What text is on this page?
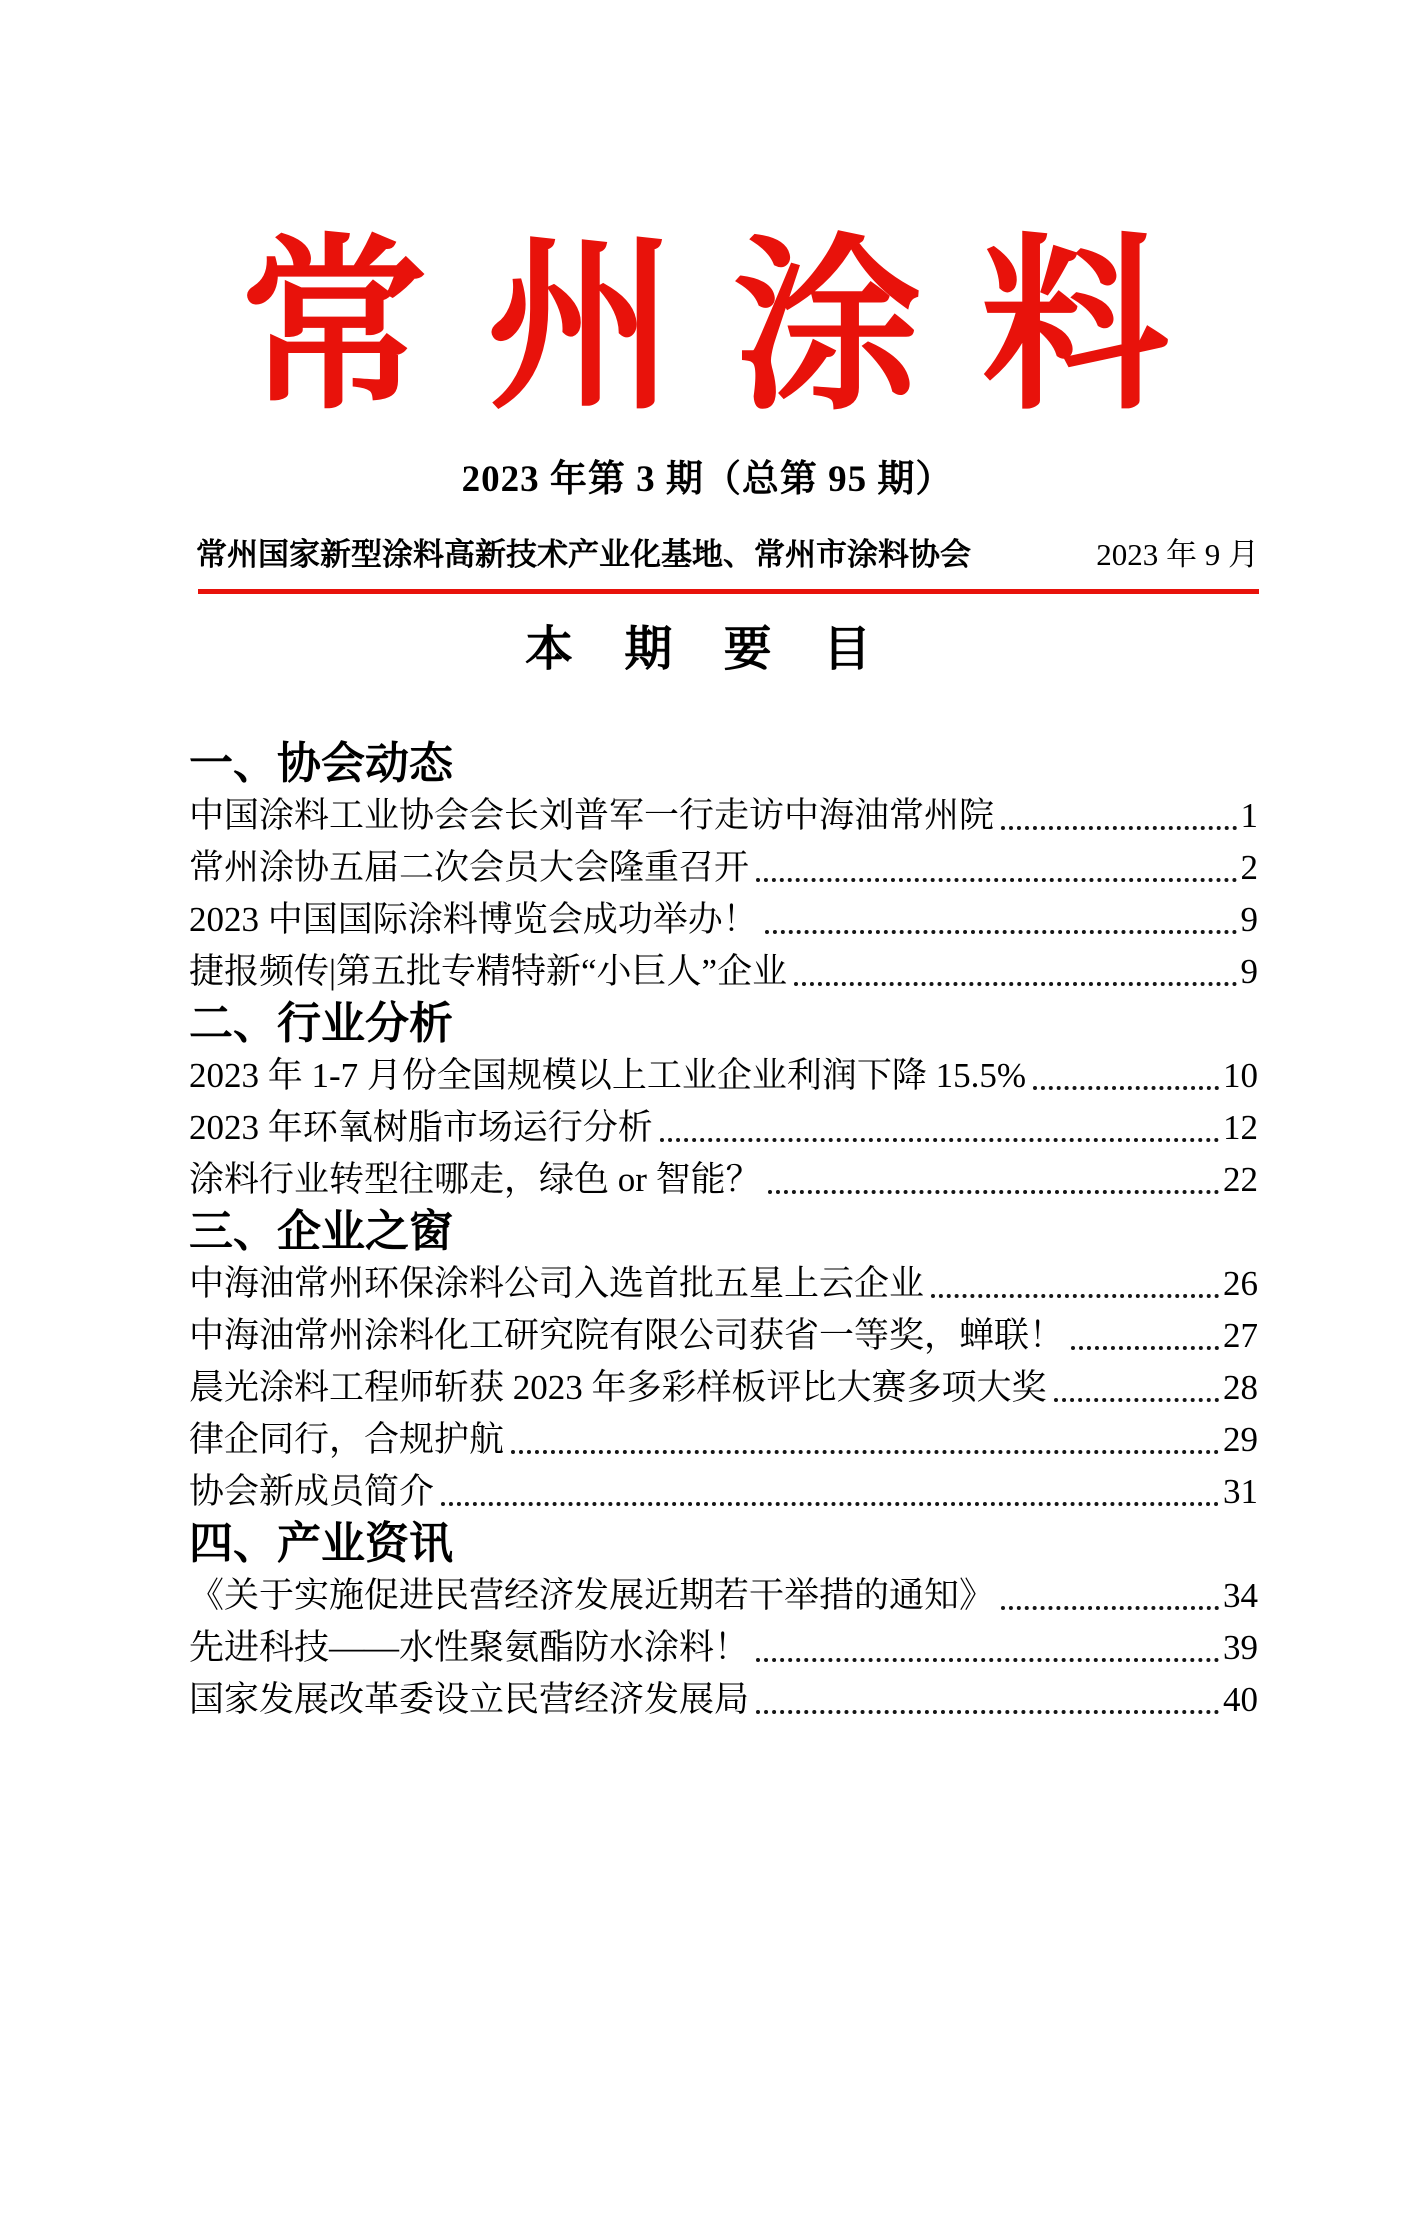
常 州 涂 料
2023 年第 3 期（总第 95 期）
常州国家新型涂料高新技术产业化基地、常州市涂料协会	2023 年 9 月
本 期 要 目
一、协会动态
中国涂料工业协会会长刘普军一行走访中海油常州院	1
常州涂协五届二次会员大会隆重召开	2
2023 中国国际涂料博览会成功举办！	9
捷报频传|第五批专精特新“小巨人”企业	9
二、行业分析
2023 年 1-7 月份全国规模以上工业企业利润下降 15.5%	10
2023 年环氧树脂市场运行分析	12
涂料行业转型往哪走，绿色 or 智能？	22
三、企业之窗
中海油常州环保涂料公司入选首批五星上云企业	26
中海油常州涂料化工研究院有限公司获省一等奖，蝉联！	27
晨光涂料工程师斩获 2023 年多彩样板评比大赛多项大奖	28
律企同行，合规护航	29
协会新成员简介	31
四、产业资讯
《关于实施促进民营经济发展近期若干举措的通知》	34
先进科技——水性聚氨酯防水涂料！	39
国家发展改革委设立民营经济发展局	40
